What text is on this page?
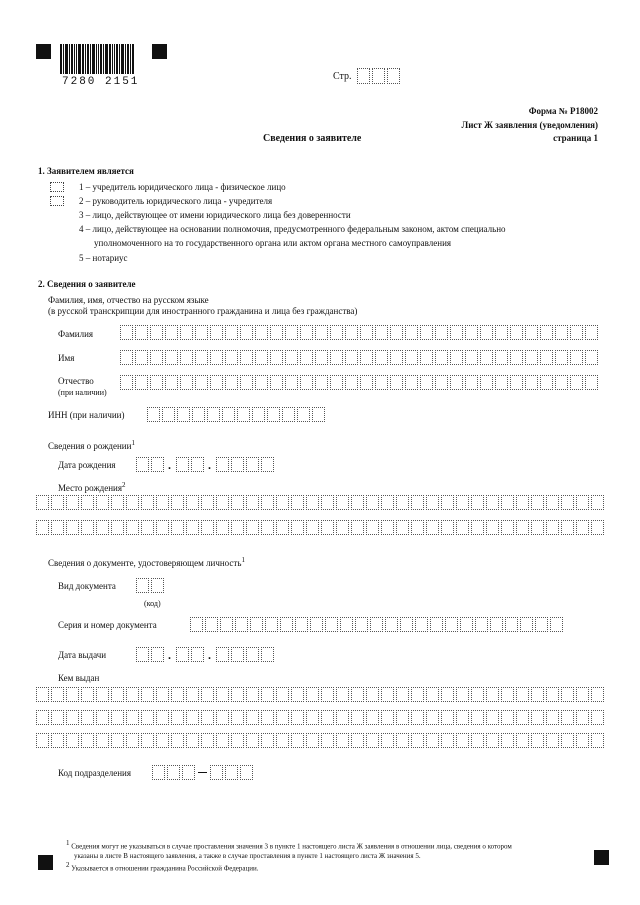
7280 2151	Стр.
Форма № Р18002
Лист Ж заявления (уведомления)
страница 1
Сведения о заявителе
1. Заявителем является
1 – учредитель юридического лица - физическое лицо
2 – руководитель юридического лица - учредителя
3 – лицо, действующее от имени юридического лица без доверенности
4 – лицо, действующее на основании полномочия, предусмотренного федеральным законом, актом специально
уполномоченного на то государственного органа или актом органа местного самоуправления
5 – нотариус
2. Сведения о заявителе
Фамилия, имя, отчество на русском языке
(в русской транскрипции для иностранного гражданина и лица без гражданства)
Фамилия
Имя
Отчество
(при наличии)
ИНН (при наличии)
Сведения о рождении$^1$
Дата рождения	.	.
Место рождения$^2$
Сведения о документе, удостоверяющем личность$^1$
Вид документа
(код)
Серия и номер документа
Дата выдачи	.	.
Кем выдан
Код подразделения
$^1$ Сведения могут не указываться в случае проставления значения 3 в пункте 1 настоящего листа Ж заявления в отношении лица, сведения о котором
указаны в листе В настоящего заявления, а также в случае проставления в пункте 1 настоящего листа Ж значения 5.
$^2$ Указывается в отношении гражданина Российской Федерации.
